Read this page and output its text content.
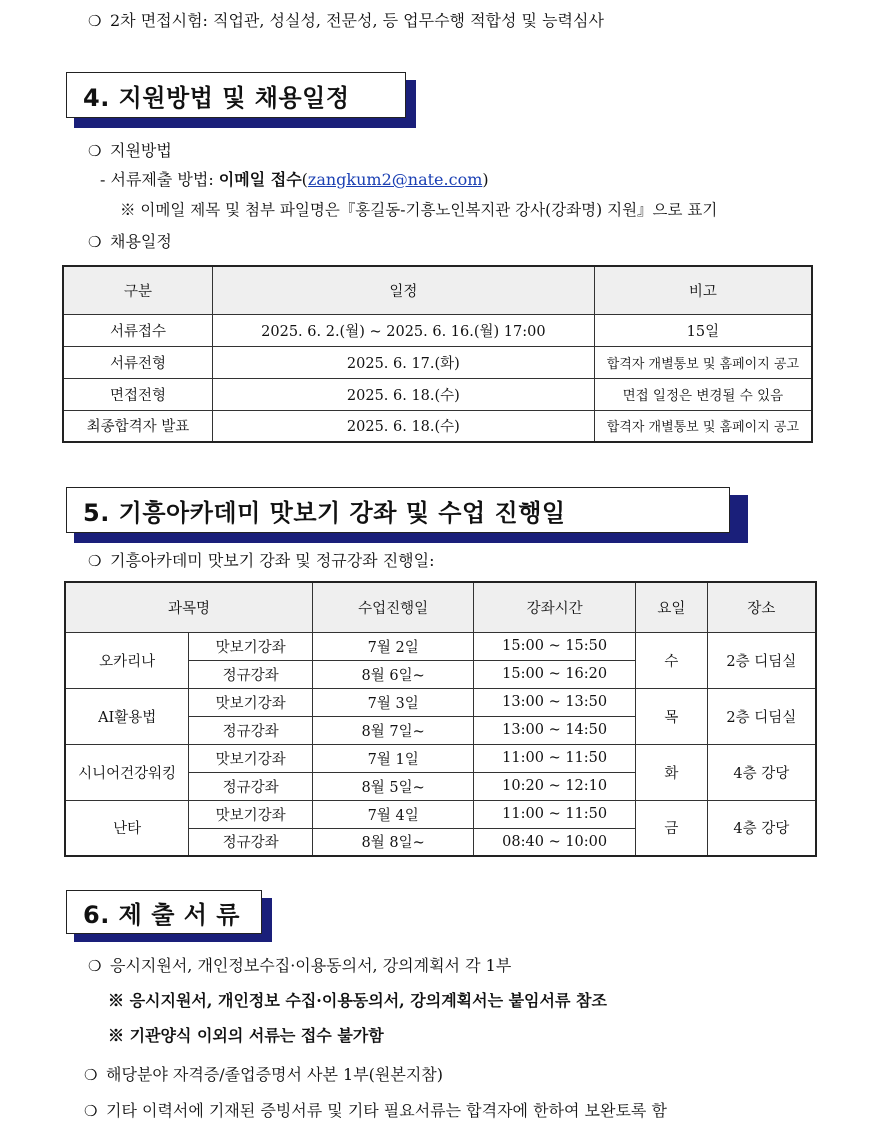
❍ 2차 면접시험: 직업관, 성실성, 전문성, 등 업무수행 적합성 및 능력심사
4. 지원방법 및 채용일정
❍ 지원방법
- 서류제출 방법: 이메일 접수(zangkum2@nate.com)
※ 이메일 제목 및 첨부 파일명은『홍길동-기흥노인복지관 강사(강좌명) 지원』으로 표기
❍ 채용일정
구분	일정	비고
서류접수	2025. 6. 2.(월) ~ 2025. 6. 16.(월) 17:00	15일
서류전형	2025. 6. 17.(화)	합격자 개별통보 및 홈페이지 공고
면접전형	2025. 6. 18.(수)	면접 일정은 변경될 수 있음
최종합격자 발표	2025. 6. 18.(수)	합격자 개별통보 및 홈페이지 공고
5. 기흥아카데미 맛보기 강좌 및 수업 진행일
❍ 기흥아카데미 맛보기 강좌 및 정규강좌 진행일:
과목명		수업진행일	강좌시간	요일	장소
오카리나	맛보기강좌	7월 2일	15:00 ~ 15:50	수	2층 디딤실
	정규강좌	8월 6일~	15:00 ~ 16:20		
AI활용법	맛보기강좌	7월 3일	13:00 ~ 13:50	목	2층 디딤실
	정규강좌	8월 7일~	13:00 ~ 14:50		
시니어건강워킹	맛보기강좌	7월 1일	11:00 ~ 11:50	화	4층 강당
	정규강좌	8월 5일~	10:20 ~ 12:10		
난타	맛보기강좌	7월 4일	11:00 ~ 11:50	금	4층 강당
	정규강좌	8월 8일~	08:40 ~ 10:00		
6. 제 출 서 류
❍ 응시지원서, 개인정보수집·이용동의서, 강의계획서 각 1부
※ 응시지원서, 개인정보 수집·이용동의서, 강의계획서는 붙임서류 참조
※ 기관양식 이외의 서류는 접수 불가함
❍ 해당분야 자격증/졸업증명서 사본 1부(원본지참)
❍ 기타 이력서에 기재된 증빙서류 및 기타 필요서류는 합격자에 한하여 보완토록 함
